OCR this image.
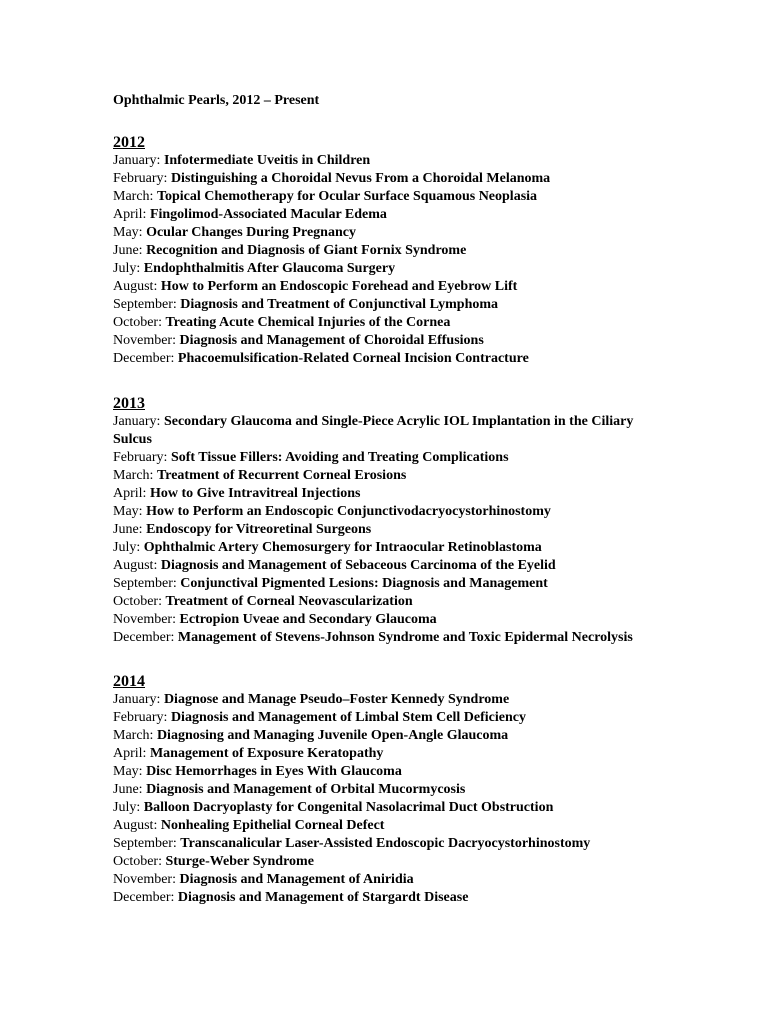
Ophthalmic Pearls, 2012 – Present

2012

January: Infotermediate Uveitis in Children
February: Distinguishing a Choroidal Nevus From a Choroidal Melanoma
March: Topical Chemotherapy for Ocular Surface Squamous Neoplasia
April: Fingolimod-Associated Macular Edema
May: Ocular Changes During Pregnancy
June: Recognition and Diagnosis of Giant Fornix Syndrome
July: Endophthalmitis After Glaucoma Surgery
August: How to Perform an Endoscopic Forehead and Eyebrow Lift
September: Diagnosis and Treatment of Conjunctival Lymphoma
October: Treating Acute Chemical Injuries of the Cornea
November: Diagnosis and Management of Choroidal Effusions
December: Phacoemulsification-Related Corneal Incision Contracture

2013

January: Secondary Glaucoma and Single-Piece Acrylic IOL Implantation in the Ciliary Sulcus
February: Soft Tissue Fillers: Avoiding and Treating Complications
March: Treatment of Recurrent Corneal Erosions
April: How to Give Intravitreal Injections
May: How to Perform an Endoscopic Conjunctivodacryocystorhinostomy
June: Endoscopy for Vitreoretinal Surgeons
July: Ophthalmic Artery Chemosurgery for Intraocular Retinoblastoma
August: Diagnosis and Management of Sebaceous Carcinoma of the Eyelid
September: Conjunctival Pigmented Lesions: Diagnosis and Management
October: Treatment of Corneal Neovascularization
November: Ectropion Uveae and Secondary Glaucoma
December: Management of Stevens-Johnson Syndrome and Toxic Epidermal Necrolysis

2014

January: Diagnose and Manage Pseudo–Foster Kennedy Syndrome
February: Diagnosis and Management of Limbal Stem Cell Deficiency
March: Diagnosing and Managing Juvenile Open-Angle Glaucoma
April: Management of Exposure Keratopathy
May: Disc Hemorrhages in Eyes With Glaucoma
June: Diagnosis and Management of Orbital Mucormycosis
July: Balloon Dacryoplasty for Congenital Nasolacrimal Duct Obstruction
August: Nonhealing Epithelial Corneal Defect
September: Transcanalicular Laser-Assisted Endoscopic Dacryocystorhinostomy
October: Sturge-Weber Syndrome
November: Diagnosis and Management of Aniridia
December: Diagnosis and Management of Stargardt Disease
